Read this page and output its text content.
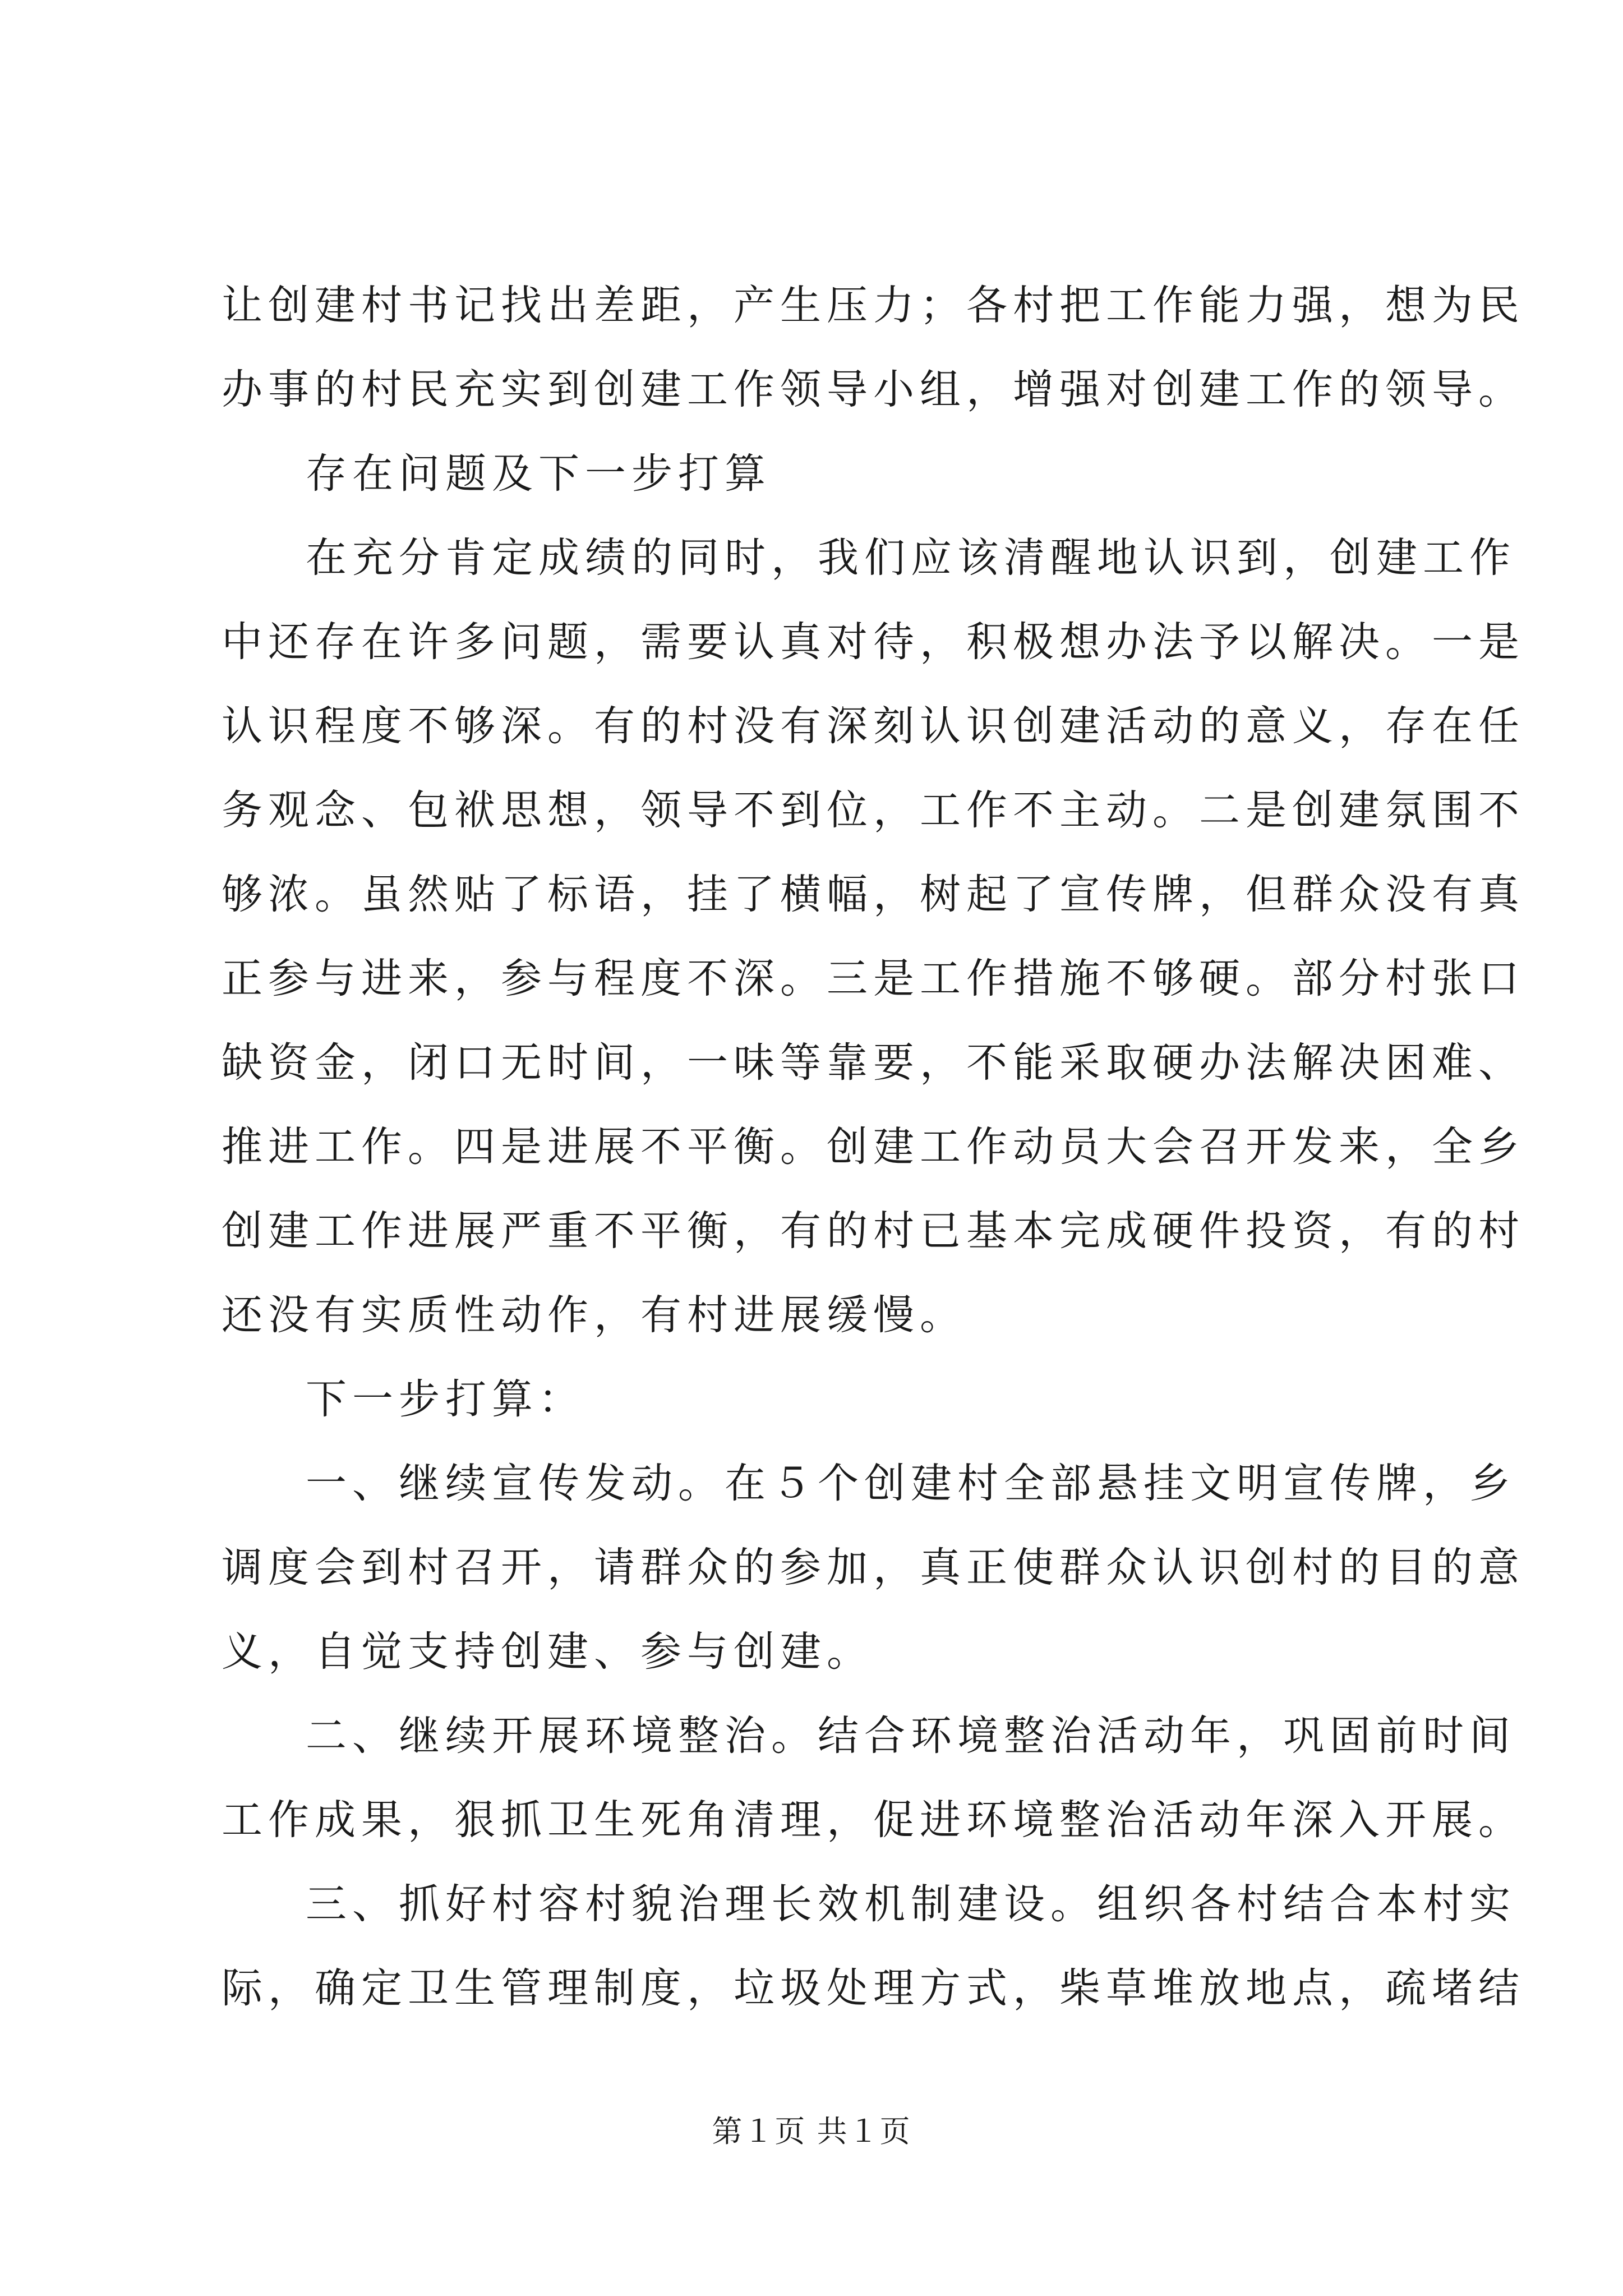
让创建村书记找出差距，产生压力；各村把工作能力强，想为民
办事的村民充实到创建工作领导小组，增强对创建工作的领导。
存在问题及下一步打算
在充分肯定成绩的同时，我们应该清醒地认识到，创建工作
中还存在许多问题，需要认真对待，积极想办法予以解决。一是
认识程度不够深。有的村没有深刻认识创建活动的意义，存在任
务观念、包袱思想，领导不到位，工作不主动。二是创建氛围不
够浓。虽然贴了标语，挂了横幅，树起了宣传牌，但群众没有真
正参与进来，参与程度不深。三是工作措施不够硬。部分村张口
缺资金，闭口无时间，一味等靠要，不能采取硬办法解决困难、
推进工作。四是进展不平衡。创建工作动员大会召开发来，全乡
创建工作进展严重不平衡，有的村已基本完成硬件投资，有的村
还没有实质性动作，有村进展缓慢。
下一步打算：
一、继续宣传发动。在５个创建村全部悬挂文明宣传牌，乡
调度会到村召开，请群众的参加，真正使群众认识创村的目的意
义，自觉支持创建、参与创建。
二、继续开展环境整治。结合环境整治活动年，巩固前时间
工作成果，狠抓卫生死角清理，促进环境整治活动年深入开展。
三、抓好村容村貌治理长效机制建设。组织各村结合本村实
际，确定卫生管理制度，垃圾处理方式，柴草堆放地点，疏堵结
第１页 共１页
